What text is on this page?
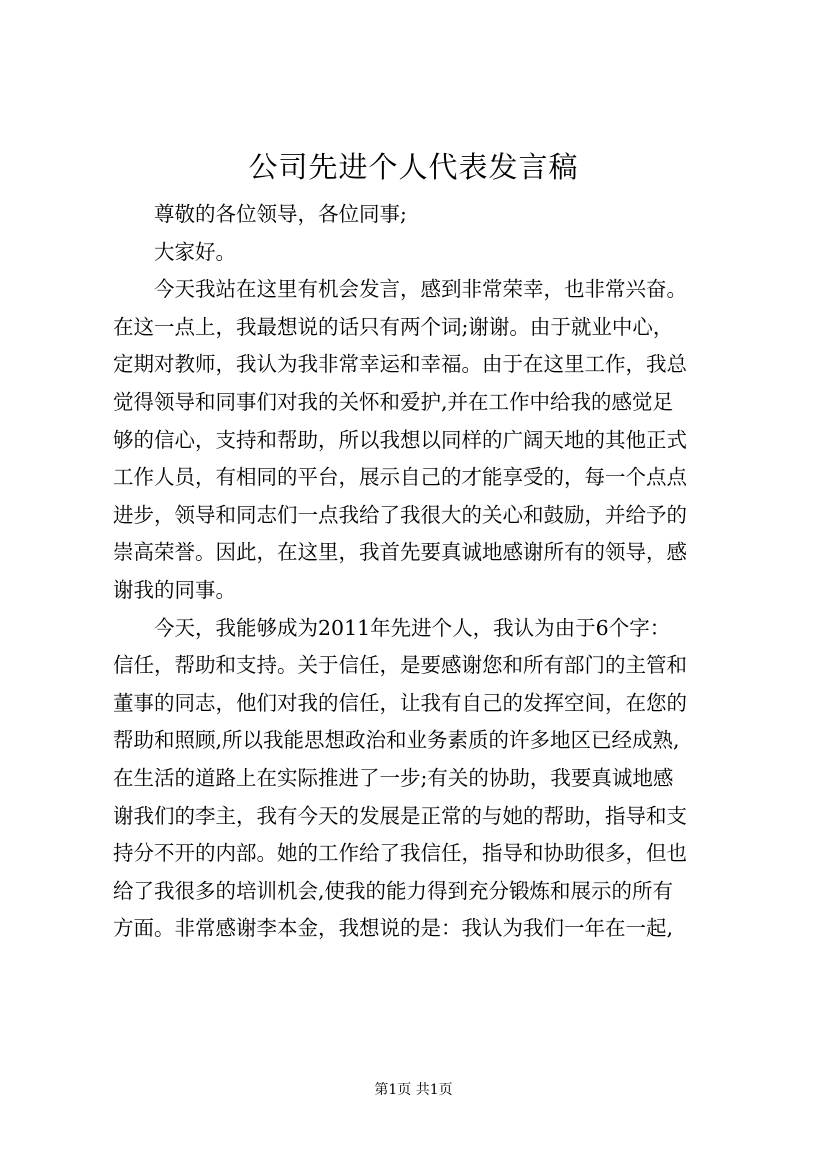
公司先进个人代表发言稿
尊敬的各位领导，各位同事;
大家好。
今天我站在这里有机会发言，感到非常荣幸，也非常兴奋。
在这一点上，我最想说的话只有两个词;谢谢。由于就业中心，
定期对教师，我认为我非常幸运和幸福。由于在这里工作，我总
觉得领导和同事们对我的关怀和爱护,并在工作中给我的感觉足
够的信心，支持和帮助，所以我想以同样的广阔天地的其他正式
工作人员，有相同的平台，展示自己的才能享受的，每一个点点
进步，领导和同志们一点我给了我很大的关心和鼓励，并给予的
崇高荣誉。因此，在这里，我首先要真诚地感谢所有的领导，感
谢我的同事。
今天，我能够成为2011年先进个人，我认为由于6个字：
信任，帮助和支持。关于信任，是要感谢您和所有部门的主管和
董事的同志，他们对我的信任，让我有自己的发挥空间，在您的
帮助和照顾,所以我能思想政治和业务素质的许多地区已经成熟,
在生活的道路上在实际推进了一步;有关的协助，我要真诚地感
谢我们的李主，我有今天的发展是正常的与她的帮助，指导和支
持分不开的内部。她的工作给了我信任，指导和协助很多，但也
给了我很多的培训机会,使我的能力得到充分锻炼和展示的所有
方面。非常感谢李本金，我想说的是：我认为我们一年在一起,
第1页 共1页
